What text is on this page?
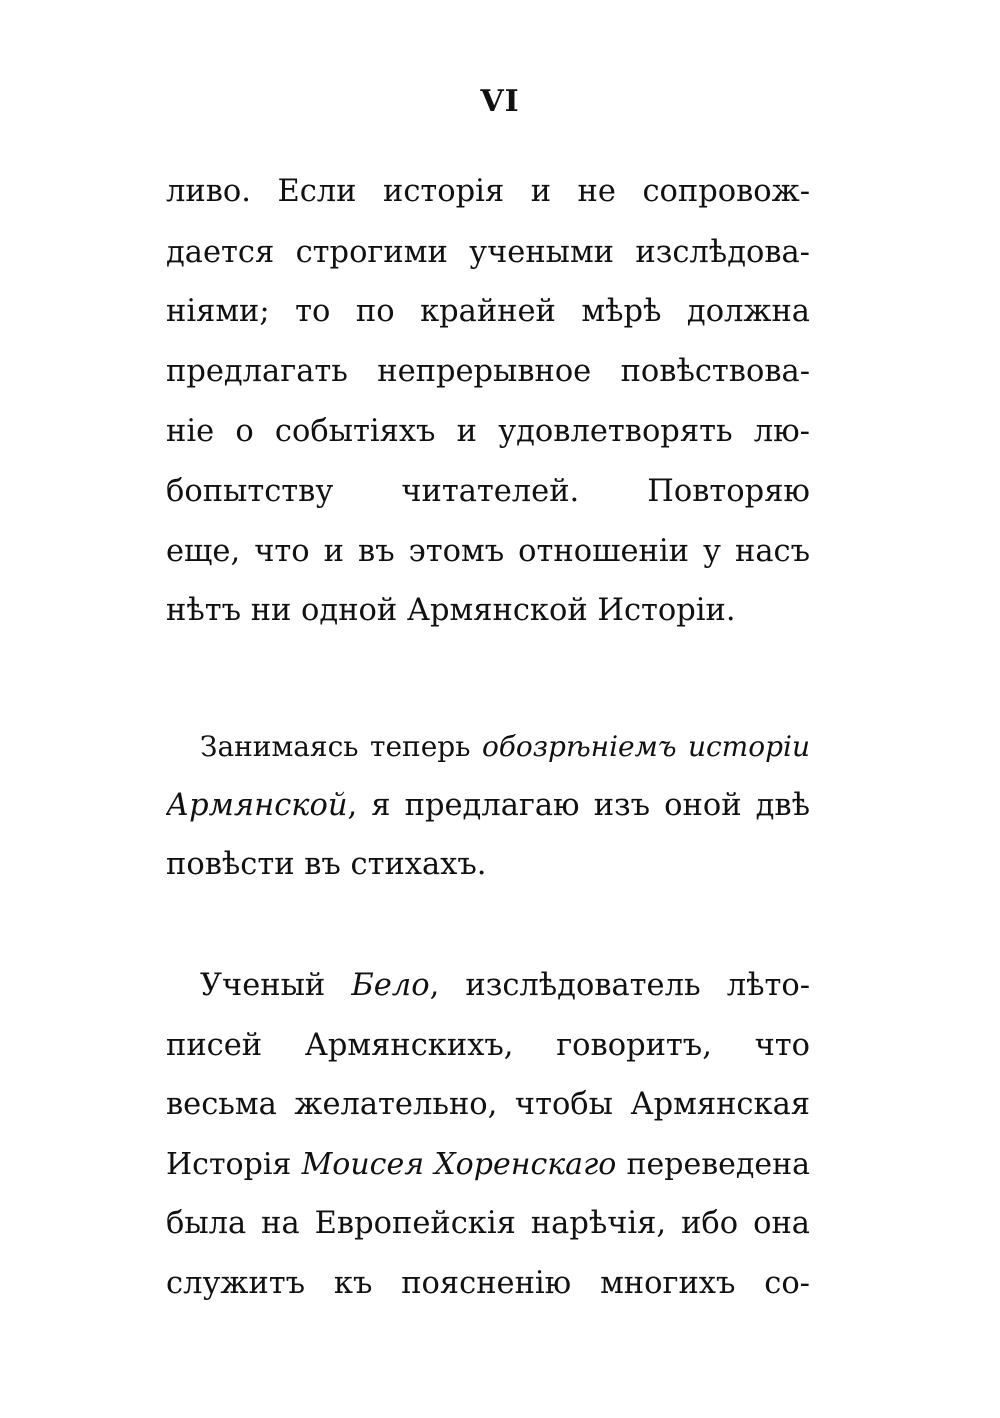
VI
ливо. Если исторія и не сопровож-
дается строгими учеными изслѣдова-
ніями; то по крайней мѣрѣ должна
предлагать непрерывное повѣствова-
ніе о событіяхъ и удовлетворять лю-
бопытству читателей. Повторяю
еще, что и въ этомъ отношеніи у насъ
нѣтъ ни одной Армянской Исторіи.
Занимаясь теперь обозрѣніемъ исторіи
Армянской, я предлагаю изъ оной двѣ
повѣсти въ стихахъ.
Ученый Бело, изслѣдователь лѣто-
писей Армянскихъ, говоритъ, что
весьма желательно, чтобы Армянская
Исторія Моисея Хоренскаго переведена
была на Европейскія нарѣчія, ибо она
служитъ къ поясненію многихъ со-
